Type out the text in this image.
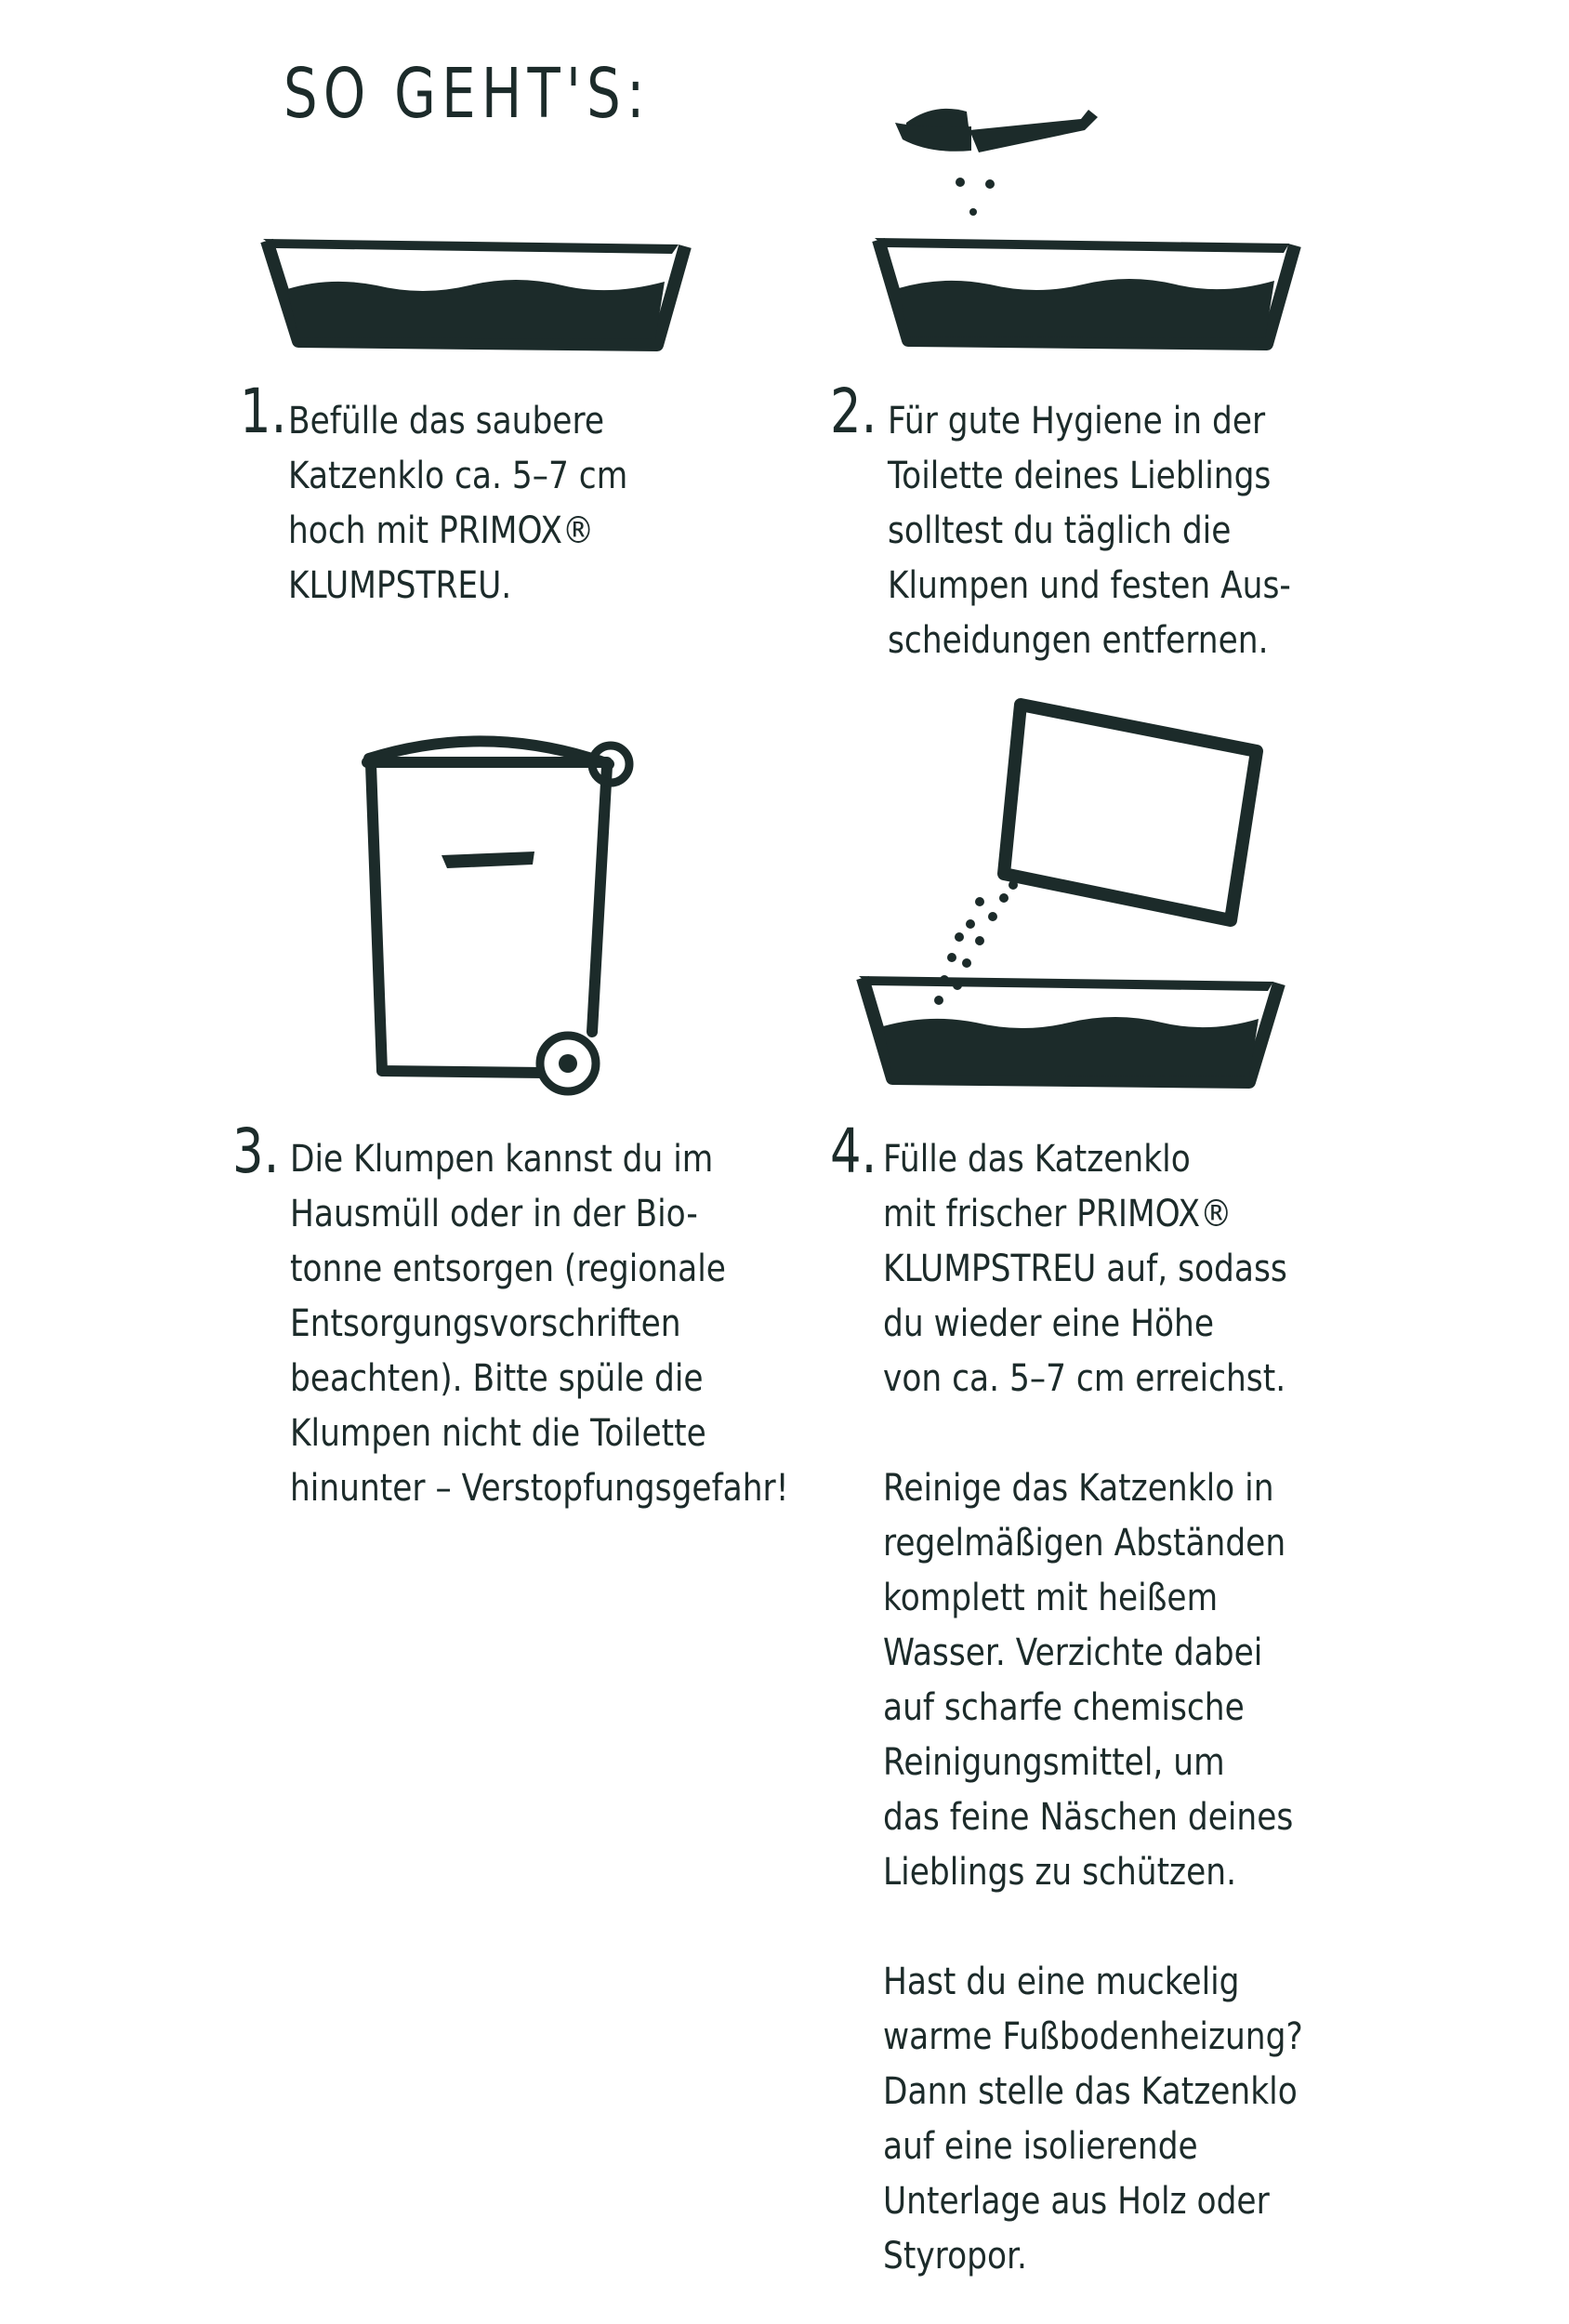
SO GEHT'S:
1. Befülle das saubere
Katzenklo ca. 5–7 cm
hoch mit PRIMOX®
KLUMPSTREU.
2. Für gute Hygiene in der
Toilette deines Lieblings
solltest du täglich die
Klumpen und festen Aus-
scheidungen entfernen.
3. Die Klumpen kannst du im
Hausmüll oder in der Bio-
tonne entsorgen (regionale
Entsorgungsvorschriften
beachten). Bitte spüle die
Klumpen nicht die Toilette
hinunter – Verstopfungsgefahr!
4. Fülle das Katzenklo
mit frischer PRIMOX®
KLUMPSTREU auf, sodass
du wieder eine Höhe
von ca. 5–7 cm erreichst.
Reinige das Katzenklo in
regelmäßigen Abständen
komplett mit heißem
Wasser. Verzichte dabei
auf scharfe chemische
Reinigungsmittel, um
das feine Näschen deines
Lieblings zu schützen.
Hast du eine muckelig
warme Fußbodenheizung?
Dann stelle das Katzenklo
auf eine isolierende
Unterlage aus Holz oder
Styropor.
